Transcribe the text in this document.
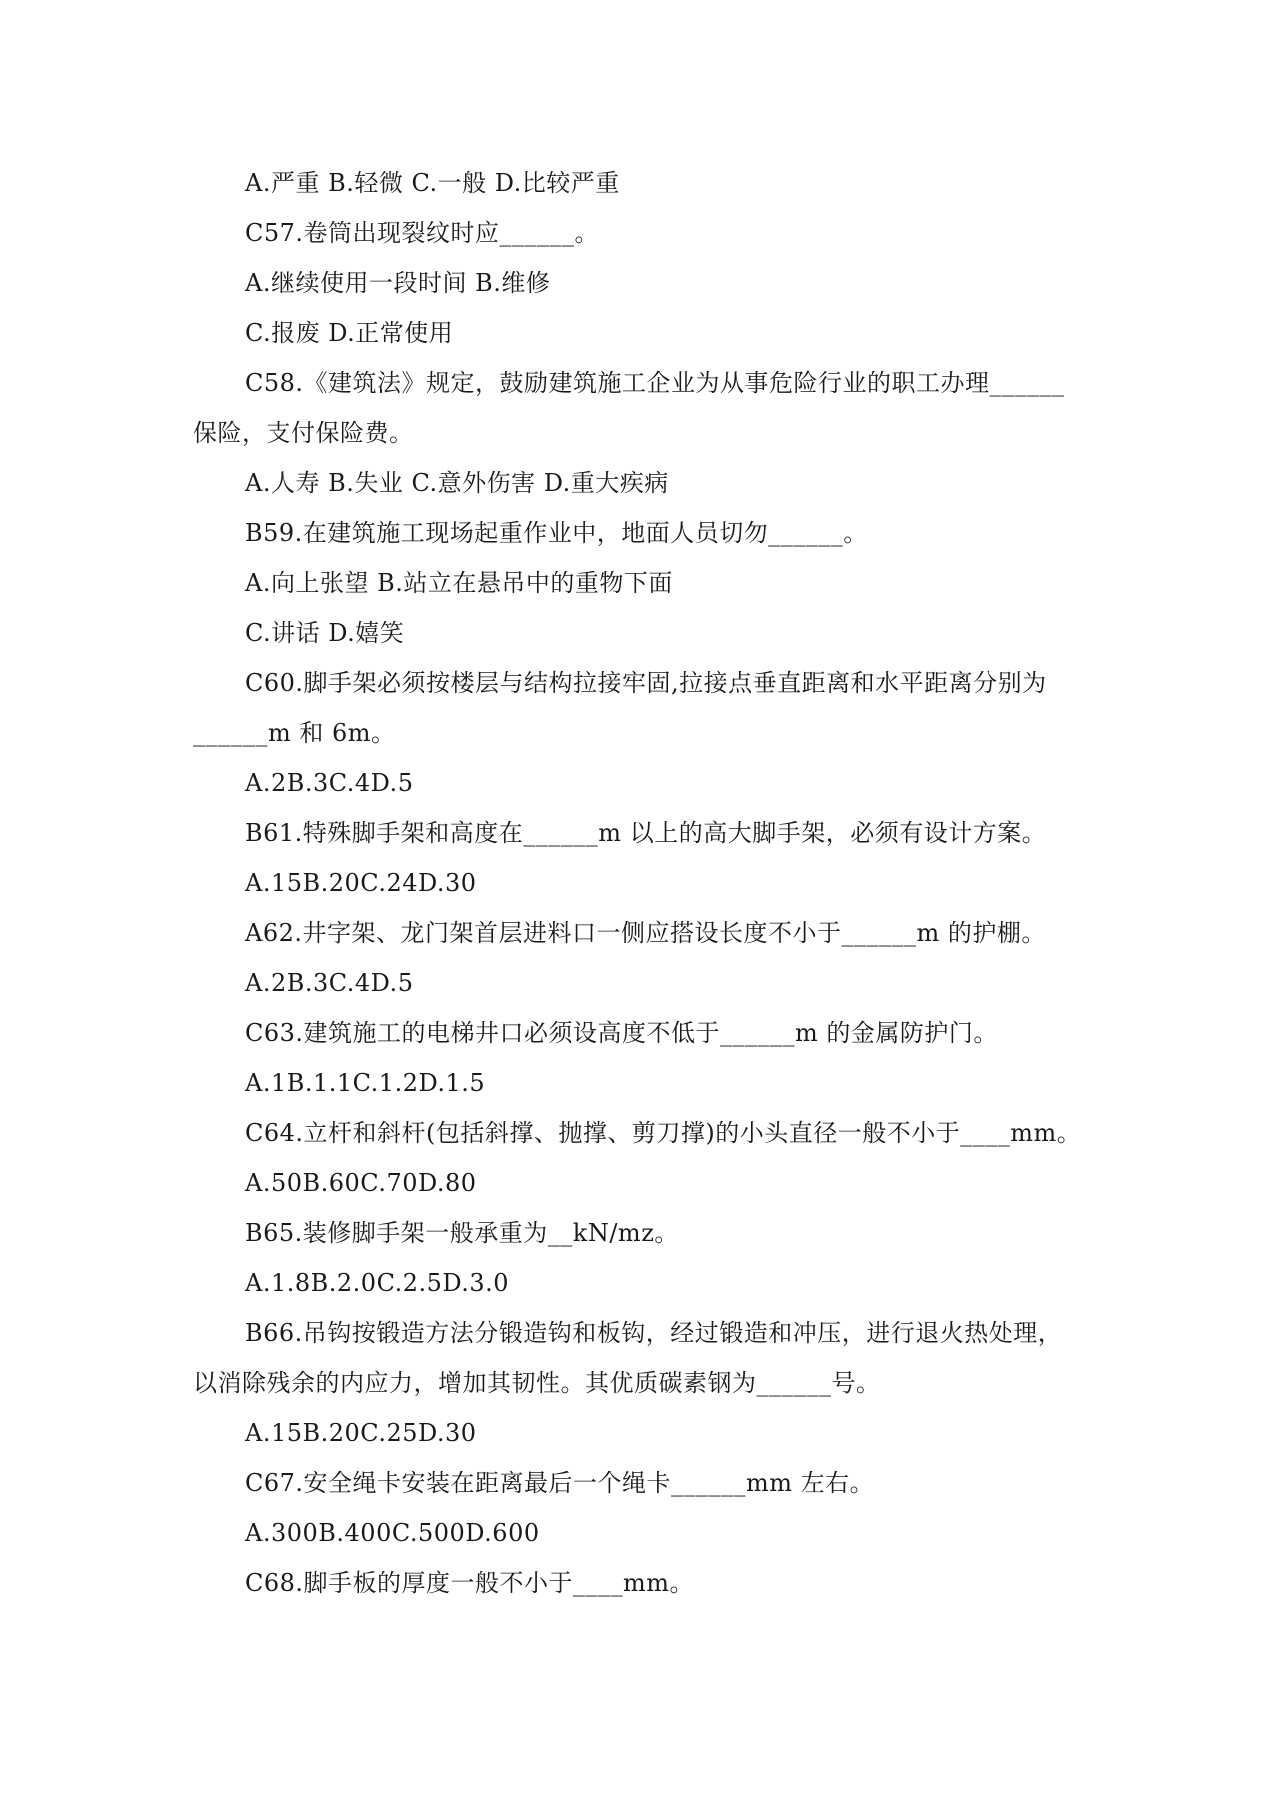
A.严重 B.轻微 C.一般 D.比较严重
C57.卷筒出现裂纹时应______。
A.继续使用一段时间 B.维修
C.报废 D.正常使用
C58.《建筑法》规定，鼓励建筑施工企业为从事危险行业的职工办理______
保险，支付保险费。
A.人寿 B.失业 C.意外伤害 D.重大疾病
B59.在建筑施工现场起重作业中，地面人员切勿______。
A.向上张望 B.站立在悬吊中的重物下面
C.讲话 D.嬉笑
C60.脚手架必须按楼层与结构拉接牢固,拉接点垂直距离和水平距离分别为
______m 和 6m。
A.2B.3C.4D.5
B61.特殊脚手架和高度在______m 以上的高大脚手架，必须有设计方案。
A.15B.20C.24D.30
A62.井字架、龙门架首层进料口一侧应搭设长度不小于______m 的护棚。
A.2B.3C.4D.5
C63.建筑施工的电梯井口必须设高度不低于______m 的金属防护门。
A.1B.1.1C.1.2D.1.5
C64.立杆和斜杆(包括斜撑、抛撑、剪刀撑)的小头直径一般不小于____mm。
A.50B.60C.70D.80
B65.装修脚手架一般承重为__kN/mz。
A.1.8B.2.0C.2.5D.3.0
B66.吊钩按锻造方法分锻造钩和板钩，经过锻造和冲压，进行退火热处理，
以消除残余的内应力，增加其韧性。其优质碳素钢为______号。
A.15B.20C.25D.30
C67.安全绳卡安装在距离最后一个绳卡______mm 左右。
A.300B.400C.500D.600
C68.脚手板的厚度一般不小于____mm。
